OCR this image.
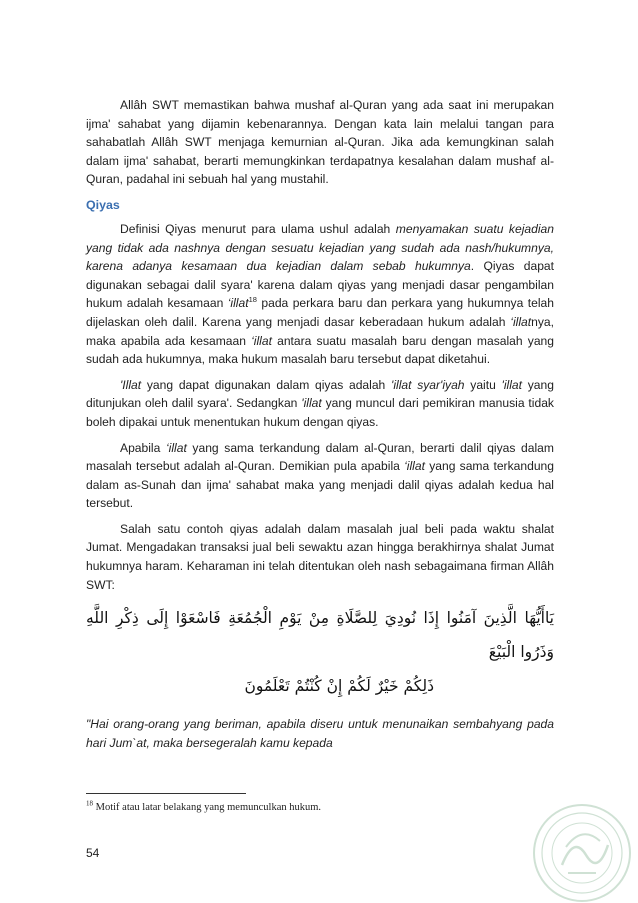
Allâh SWT memastikan bahwa mushaf al-Quran yang ada saat ini merupakan ijma' sahabat yang dijamin kebenarannya. Dengan kata lain melalui tangan para sahabatlah Allâh SWT menjaga kemurnian al-Quran. Jika ada kemungkinan salah dalam ijma' sahabat, berarti memungkinkan terdapatnya kesalahan dalam mushaf al-Quran, padahal ini sebuah hal yang mustahil.

Qiyas

Definisi Qiyas menurut para ulama ushul adalah menyamakan suatu kejadian yang tidak ada nashnya dengan sesuatu kejadian yang sudah ada nash/hukumnya, karena adanya kesamaan dua kejadian dalam sebab hukumnya. Qiyas dapat digunakan sebagai dalil syara' karena dalam qiyas yang menjadi dasar pengambilan hukum adalah kesamaan ‘illat$^{18}$ pada perkara baru dan perkara yang hukumnya telah dijelaskan oleh dalil. Karena yang menjadi dasar keberadaan hukum adalah ‘illatnya, maka apabila ada kesamaan ‘illat antara suatu masalah baru dengan masalah yang sudah ada hukumnya, maka hukum masalah baru tersebut dapat diketahui.

'Illat yang dapat digunakan dalam qiyas adalah 'illat syar'iyah yaitu 'illat yang ditunjukan oleh dalil syara'. Sedangkan 'illat yang muncul dari pemikiran manusia tidak boleh dipakai untuk menentukan hukum dengan qiyas.

Apabila ‘illat yang sama terkandung dalam al-Quran, berarti dalil qiyas dalam masalah tersebut adalah al-Quran. Demikian pula apabila ‘illat yang sama terkandung dalam as-Sunah dan ijma' sahabat maka yang menjadi dalil qiyas adalah kedua hal tersebut.

Salah satu contoh qiyas adalah dalam masalah jual beli pada waktu shalat Jumat. Mengadakan transaksi jual beli sewaktu azan hingga berakhirnya shalat Jumat hukumnya haram. Keharaman ini telah ditentukan oleh nash sebagaimana firman Allâh SWT:

يَاأَيُّهَا الَّذِينَ آمَنُوا إِذَا نُودِيَ لِلصَّلَاةِ مِنْ يَوْمِ الْجُمُعَةِ فَاسْعَوْا إِلَى ذِكْرِ اللَّهِ وَذَرُوا الْبَيْعَ
ذَلِكُمْ خَيْرٌ لَكُمْ إِنْ كُنْتُمْ تَعْلَمُونَ

"Hai orang-orang yang beriman, apabila diseru untuk menunaikan sembahyang pada hari Jum`at, maka bersegeralah kamu kepada

$^{18}$ Motif atau latar belakang yang memunculkan hukum.
54
